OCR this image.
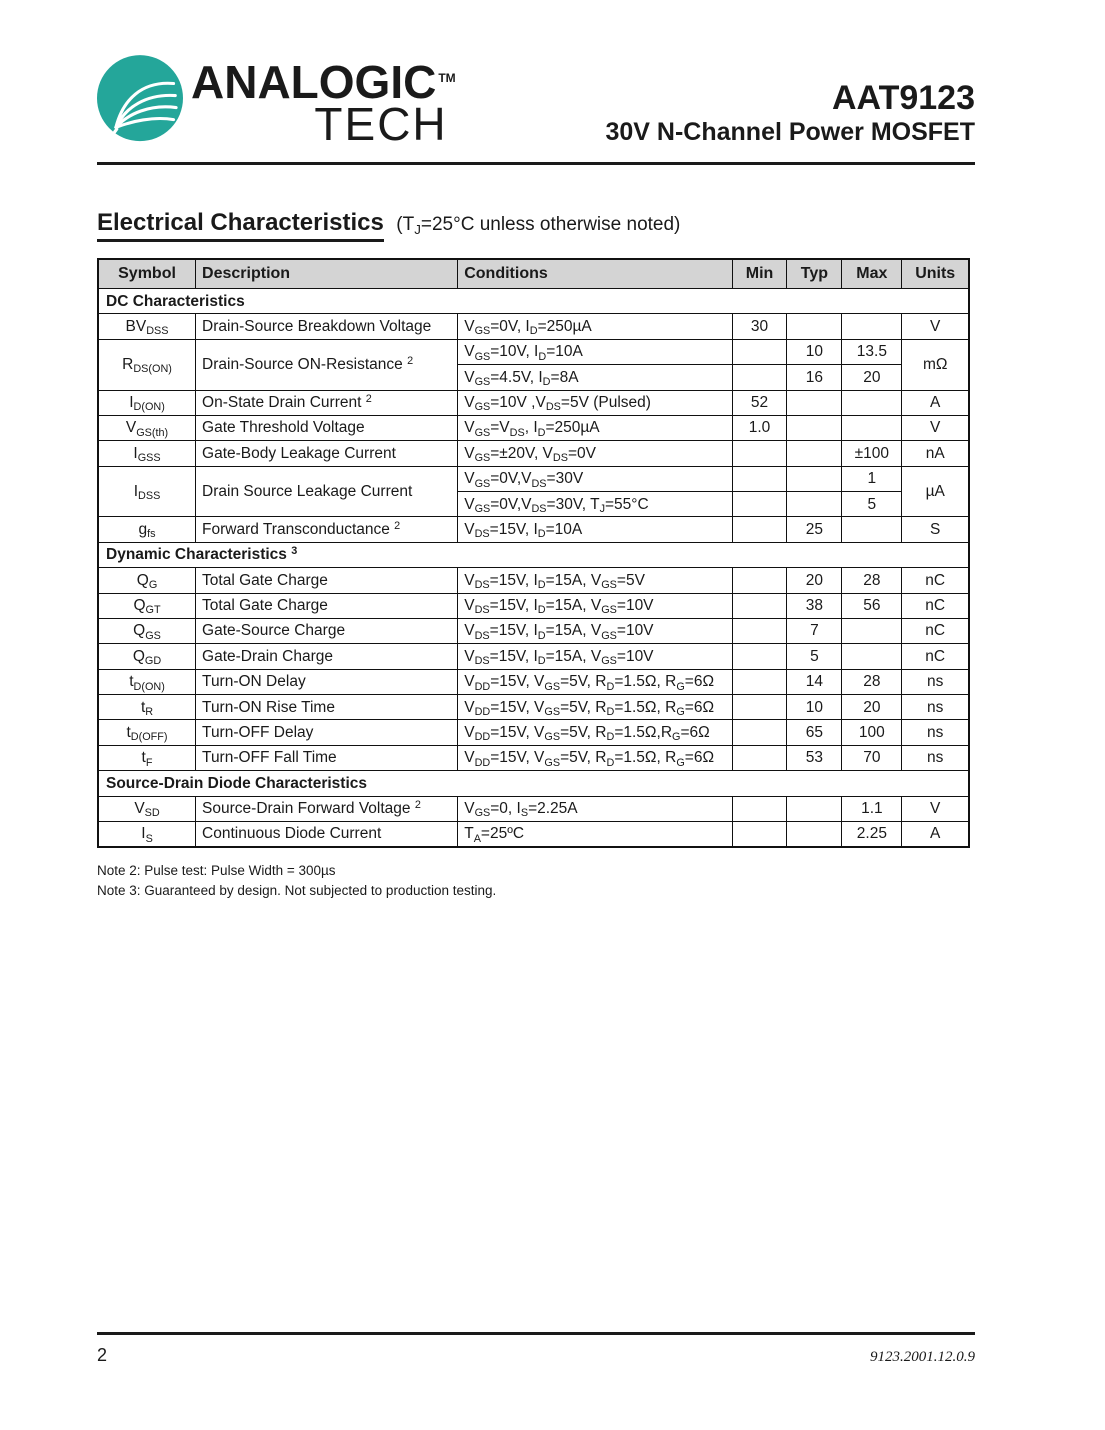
ANALOGIC ™
TECH	AAT9123
30V N-Channel Power MOSFET
Electrical Characteristics ($T_J=25^\circ C$ unless otherwise noted)
Symbol	Description	Conditions	Min	Typ	Max	Units
DC Characteristics						
$BV_{DSS}$	Drain-Source Breakdown Voltage	$V_{GS}=0V$, $I_D=250\mu A$	30			V
$R_{DS(ON)}$	Drain-Source ON-Resistance $^2$	$V_{GS}=10V$, $I_D=10A$		10	13.5	mΩ
		$V_{GS}=4.5V$, $I_D=8A$		16	20	
$I_{D(ON)}$	On-State Drain Current $^2$	$V_{GS}=10V$ $,V_{DS}=5V$ (Pulsed)	52			A
$V_{GS(th)}$	Gate Threshold Voltage	$V_{GS}=V_{DS}$, $I_D=250\mu A$	1.0			V
$I_{GSS}$	Gate-Body Leakage Current	$V_{GS}=\pm 20V$, $V_{DS}=0V$			±100	nA
$I_{DSS}$	Drain Source Leakage Current	$V_{GS}=0V,V_{DS}=30V$			1	µA
		$V_{GS}=0V,V_{DS}=30V$, $T_J=55^\circ C$			5	
$g_{fs}$	Forward Transconductance $^2$	$V_{DS}=15V$, $I_D=10A$		25		S
Dynamic Characteristics $^3$
$Q_G$	Total Gate Charge	$V_{DS}=15V$, $I_D=15A$, $V_{GS}=5V$		20	28	nC
$Q_{GT}$	Total Gate Charge	$V_{DS}=15V$, $I_D=15A$, $V_{GS}=10V$		38	56	nC
$Q_{GS}$	Gate-Source Charge	$V_{DS}=15V$, $I_D=15A$, $V_{GS}=10V$		7		nC
$Q_{GD}$	Gate-Drain Charge	$V_{DS}=15V$, $I_D=15A$, $V_{GS}=10V$		5		nC
$t_{D(ON)}$	Turn-ON Delay	$V_{DD}=15V$, $V_{GS}=5V$, $R_D=1.5\Omega$, $R_G=6\Omega$		14	28	ns
$t_R$	Turn-ON Rise Time	$V_{DD}=15V$, $V_{GS}=5V$, $R_D=1.5\Omega$, $R_G=6\Omega$		10	20	ns
$t_{D(OFF)}$	Turn-OFF Delay	$V_{DD}=15V$, $V_{GS}=5V$, $R_D=1.5\Omega,R_G=6\Omega$		65	100	ns
$t_F$	Turn-OFF Fall Time	$V_{DD}=15V$, $V_{GS}=5V$, $R_D=1.5\Omega$, $R_G=6\Omega$		53	70	ns
Source-Drain Diode Characteristics						
$V_{SD}$	Source-Drain Forward Voltage $^2$	$V_{GS}=0$, $I_S=2.25A$			1.1	V
$I_S$	Continuous Diode Current	$T_A=25ºC$			2.25	A
Note 2: Pulse test: Pulse Width = 300µs
Note 3: Guaranteed by design. Not subjected to production testing.
2	9123.2001.12.0.9
